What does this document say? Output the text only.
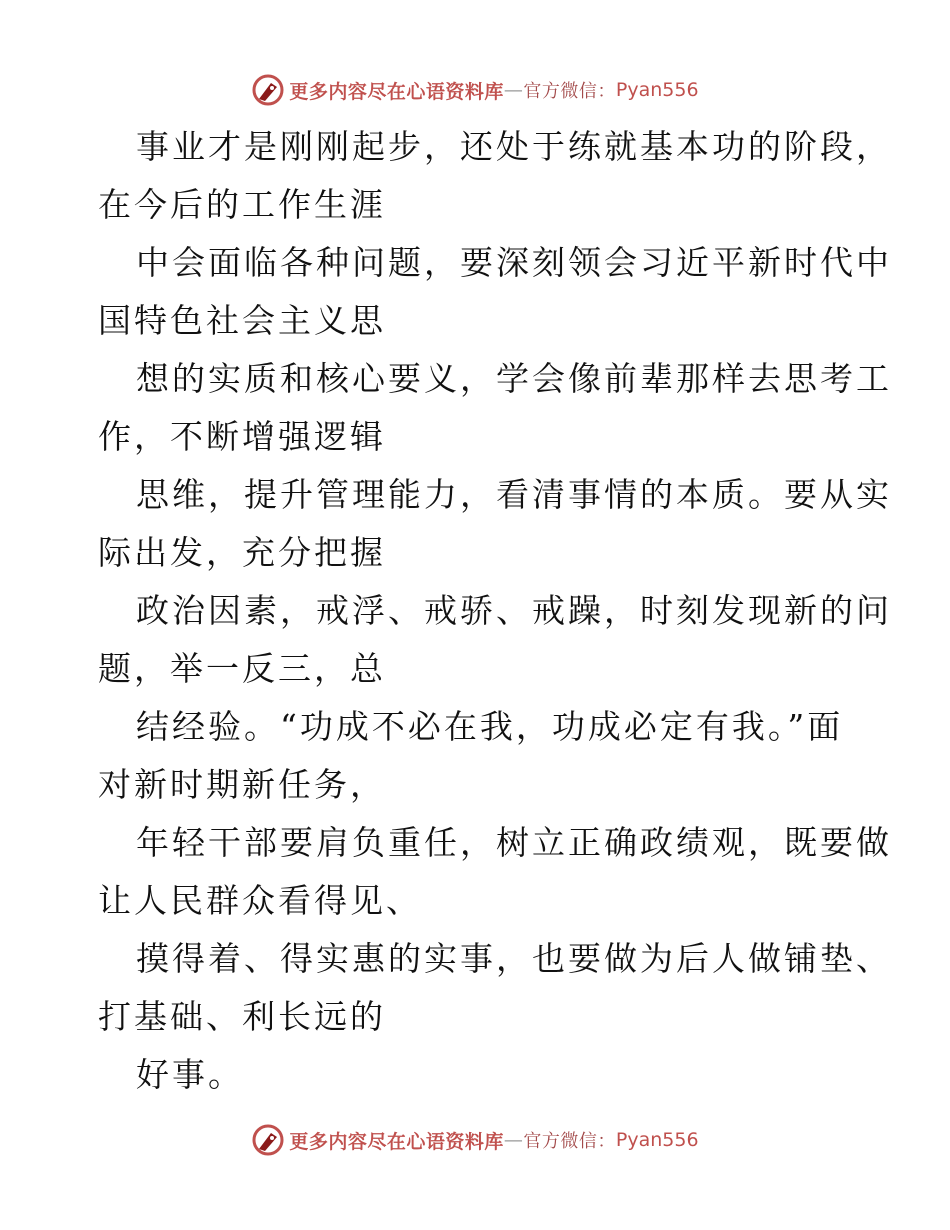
更多内容尽在心语资料库 — 官方微信： Pyan556
事业才是刚刚起步，还处于练就基本功的阶段，
在今后的工作生涯
中会面临各种问题，要深刻领会习近平新时代中
国特色社会主义思
想的实质和核心要义，学会像前辈那样去思考工
作，不断增强逻辑
思维，提升管理能力，看清事情的本质。要从实
际出发，充分把握
政治因素，戒浮、戒骄、戒躁，时刻发现新的问
题，举一反三，总
结经验。“功成不必在我，功成必定有我。”面
对新时期新任务，
年轻干部要肩负重任，树立正确政绩观，既要做
让人民群众看得见、
摸得着、得实惠的实事，也要做为后人做铺垫、
打基础、利长远的
好事。
更多内容尽在心语资料库 — 官方微信： Pyan556
